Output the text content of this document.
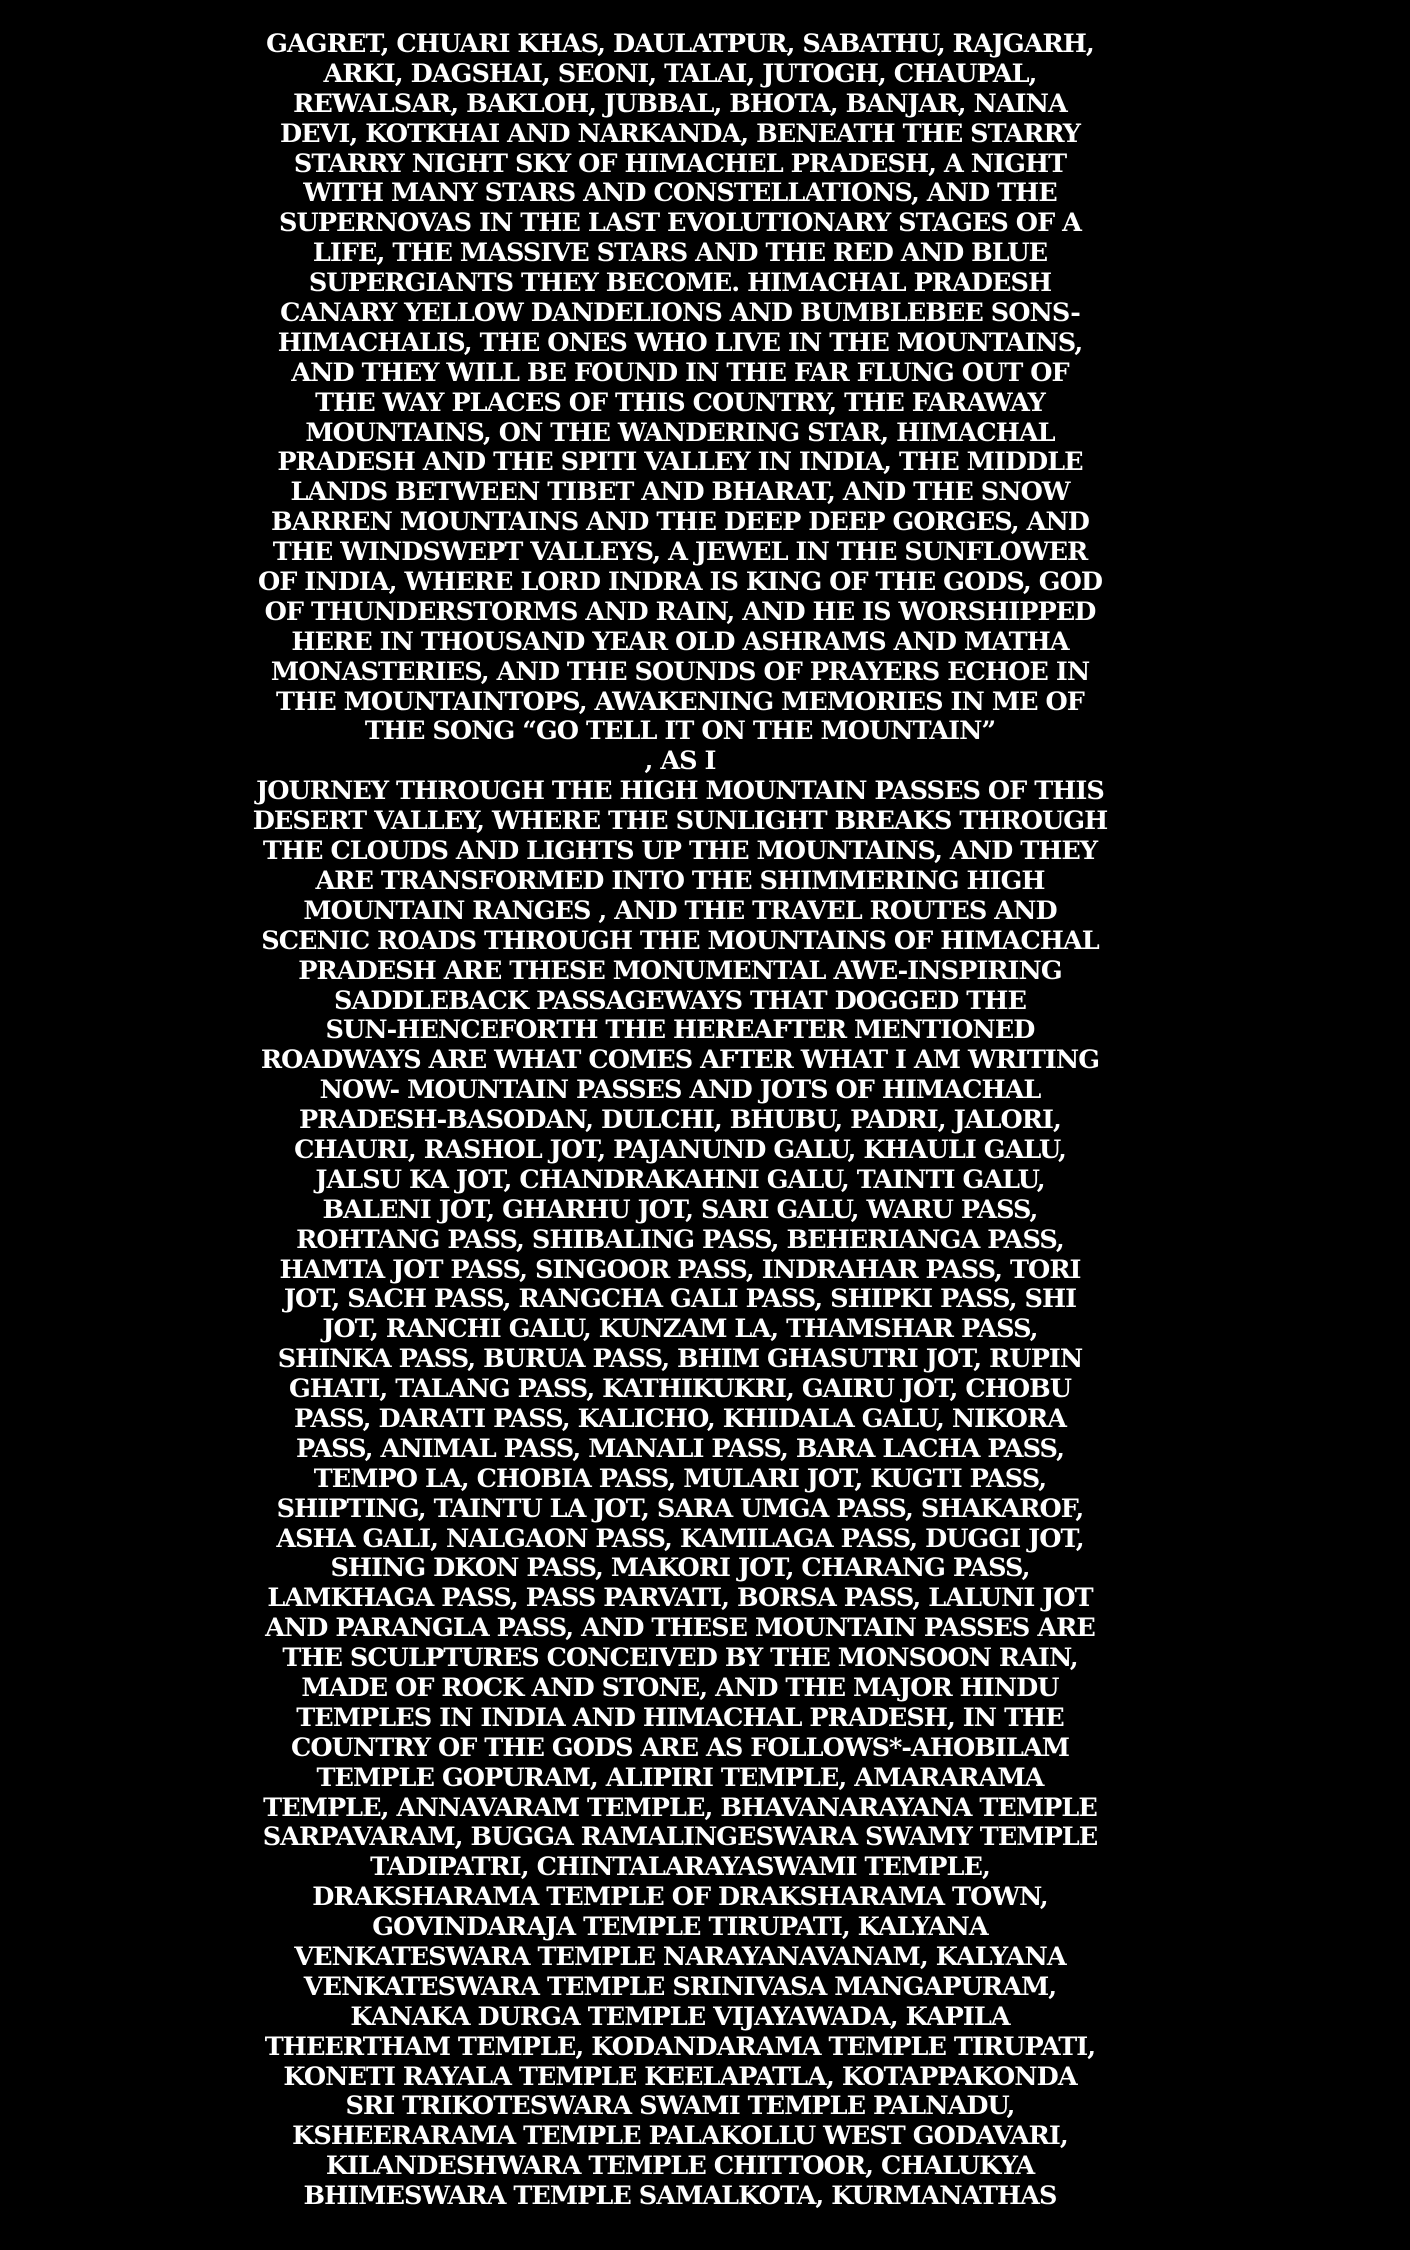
GAGRET, CHUARI KHAS, DAULATPUR, SABATHU, RAJGARH,
ARKI, DAGSHAI, SEONI, TALAI, JUTOGH, CHAUPAL,
REWALSAR, BAKLOH, JUBBAL, BHOTA, BANJAR, NAINA
DEVI, KOTKHAI AND NARKANDA, BENEATH THE STARRY
STARRY NIGHT SKY OF HIMACHEL PRADESH, A NIGHT
WITH MANY STARS AND CONSTELLATIONS, AND THE
SUPERNOVAS IN THE LAST EVOLUTIONARY STAGES OF A
LIFE, THE MASSIVE STARS AND THE RED AND BLUE
SUPERGIANTS THEY BECOME. HIMACHAL PRADESH
CANARY YELLOW DANDELIONS AND BUMBLEBEE SONS-
HIMACHALIS, THE ONES WHO LIVE IN THE MOUNTAINS,
AND THEY WILL BE FOUND IN THE FAR FLUNG OUT OF
THE WAY PLACES OF THIS COUNTRY, THE FARAWAY
MOUNTAINS, ON THE WANDERING STAR, HIMACHAL
PRADESH AND THE SPITI VALLEY IN INDIA, THE MIDDLE
LANDS BETWEEN TIBET AND BHARAT, AND THE SNOW
BARREN MOUNTAINS AND THE DEEP DEEP GORGES, AND
THE WINDSWEPT VALLEYS, A JEWEL IN THE SUNFLOWER
OF INDIA, WHERE LORD INDRA IS KING OF THE GODS, GOD
OF THUNDERSTORMS AND RAIN, AND HE IS WORSHIPPED
HERE IN THOUSAND YEAR OLD ASHRAMS AND MATHA
MONASTERIES, AND THE SOUNDS OF PRAYERS ECHOE IN
THE MOUNTAINTOPS, AWAKENING MEMORIES IN ME OF
THE SONG “GO TELL IT ON THE MOUNTAIN”
, AS I
JOURNEY THROUGH THE HIGH MOUNTAIN PASSES OF THIS
DESERT VALLEY, WHERE THE SUNLIGHT BREAKS THROUGH
THE CLOUDS AND LIGHTS UP THE MOUNTAINS, AND THEY
ARE TRANSFORMED INTO THE SHIMMERING HIGH
MOUNTAIN RANGES , AND THE TRAVEL ROUTES AND
SCENIC ROADS THROUGH THE MOUNTAINS OF HIMACHAL
PRADESH ARE THESE MONUMENTAL AWE-INSPIRING
SADDLEBACK PASSAGEWAYS THAT DOGGED THE
SUN-HENCEFORTH THE HEREAFTER MENTIONED
ROADWAYS ARE WHAT COMES AFTER WHAT I AM WRITING
NOW- MOUNTAIN PASSES AND JOTS OF HIMACHAL
PRADESH-BASODAN, DULCHI, BHUBU, PADRI, JALORI,
CHAURI, RASHOL JOT, PAJANUND GALU, KHAULI GALU,
JALSU KA JOT, CHANDRAKAHNI GALU, TAINTI GALU,
BALENI JOT, GHARHU JOT, SARI GALU, WARU PASS,
ROHTANG PASS, SHIBALING PASS, BEHERIANGA PASS,
HAMTA JOT PASS, SINGOOR PASS, INDRAHAR PASS, TORI
JOT, SACH PASS, RANGCHA GALI PASS, SHIPKI PASS, SHI
JOT, RANCHI GALU, KUNZAM LA, THAMSHAR PASS,
SHINKA PASS, BURUA PASS, BHIM GHASUTRI JOT, RUPIN
GHATI, TALANG PASS, KATHIKUKRI, GAIRU JOT, CHOBU
PASS, DARATI PASS, KALICHO, KHIDALA GALU, NIKORA
PASS, ANIMAL PASS, MANALI PASS, BARA LACHA PASS,
TEMPO LA, CHOBIA PASS, MULARI JOT, KUGTI PASS,
SHIPTING, TAINTU LA JOT, SARA UMGA PASS, SHAKAROF,
ASHA GALI, NALGAON PASS, KAMILAGA PASS, DUGGI JOT,
SHING DKON PASS, MAKORI JOT, CHARANG PASS,
LAMKHAGA PASS, PASS PARVATI, BORSA PASS, LALUNI JOT
AND PARANGLA PASS, AND THESE MOUNTAIN PASSES ARE
THE SCULPTURES CONCEIVED BY THE MONSOON RAIN,
MADE OF ROCK AND STONE, AND THE MAJOR HINDU
TEMPLES IN INDIA AND HIMACHAL PRADESH, IN THE
COUNTRY OF THE GODS ARE AS FOLLOWS*-AHOBILAM
TEMPLE GOPURAM, ALIPIRI TEMPLE, AMARARAMA
TEMPLE, ANNAVARAM TEMPLE, BHAVANARAYANA TEMPLE
SARPAVARAM, BUGGA RAMALINGESWARA SWAMY TEMPLE
TADIPATRI, CHINTALARAYASWAMI TEMPLE,
DRAKSHARAMA TEMPLE OF DRAKSHARAMA TOWN,
GOVINDARAJA TEMPLE TIRUPATI, KALYANA
VENKATESWARA TEMPLE NARAYANAVANAM, KALYANA
VENKATESWARA TEMPLE SRINIVASA MANGAPURAM,
KANAKA DURGA TEMPLE VIJAYAWADA, KAPILA
THEERTHAM TEMPLE, KODANDARAMA TEMPLE TIRUPATI,
KONETI RAYALA TEMPLE KEELAPATLA, KOTAPPAKONDA
SRI TRIKOTESWARA SWAMI TEMPLE PALNADU,
KSHEERARAMA TEMPLE PALAKOLLU WEST GODAVARI,
KILANDESHWARA TEMPLE CHITTOOR, CHALUKYA
BHIMESWARA TEMPLE SAMALKOTA, KURMANATHAS
